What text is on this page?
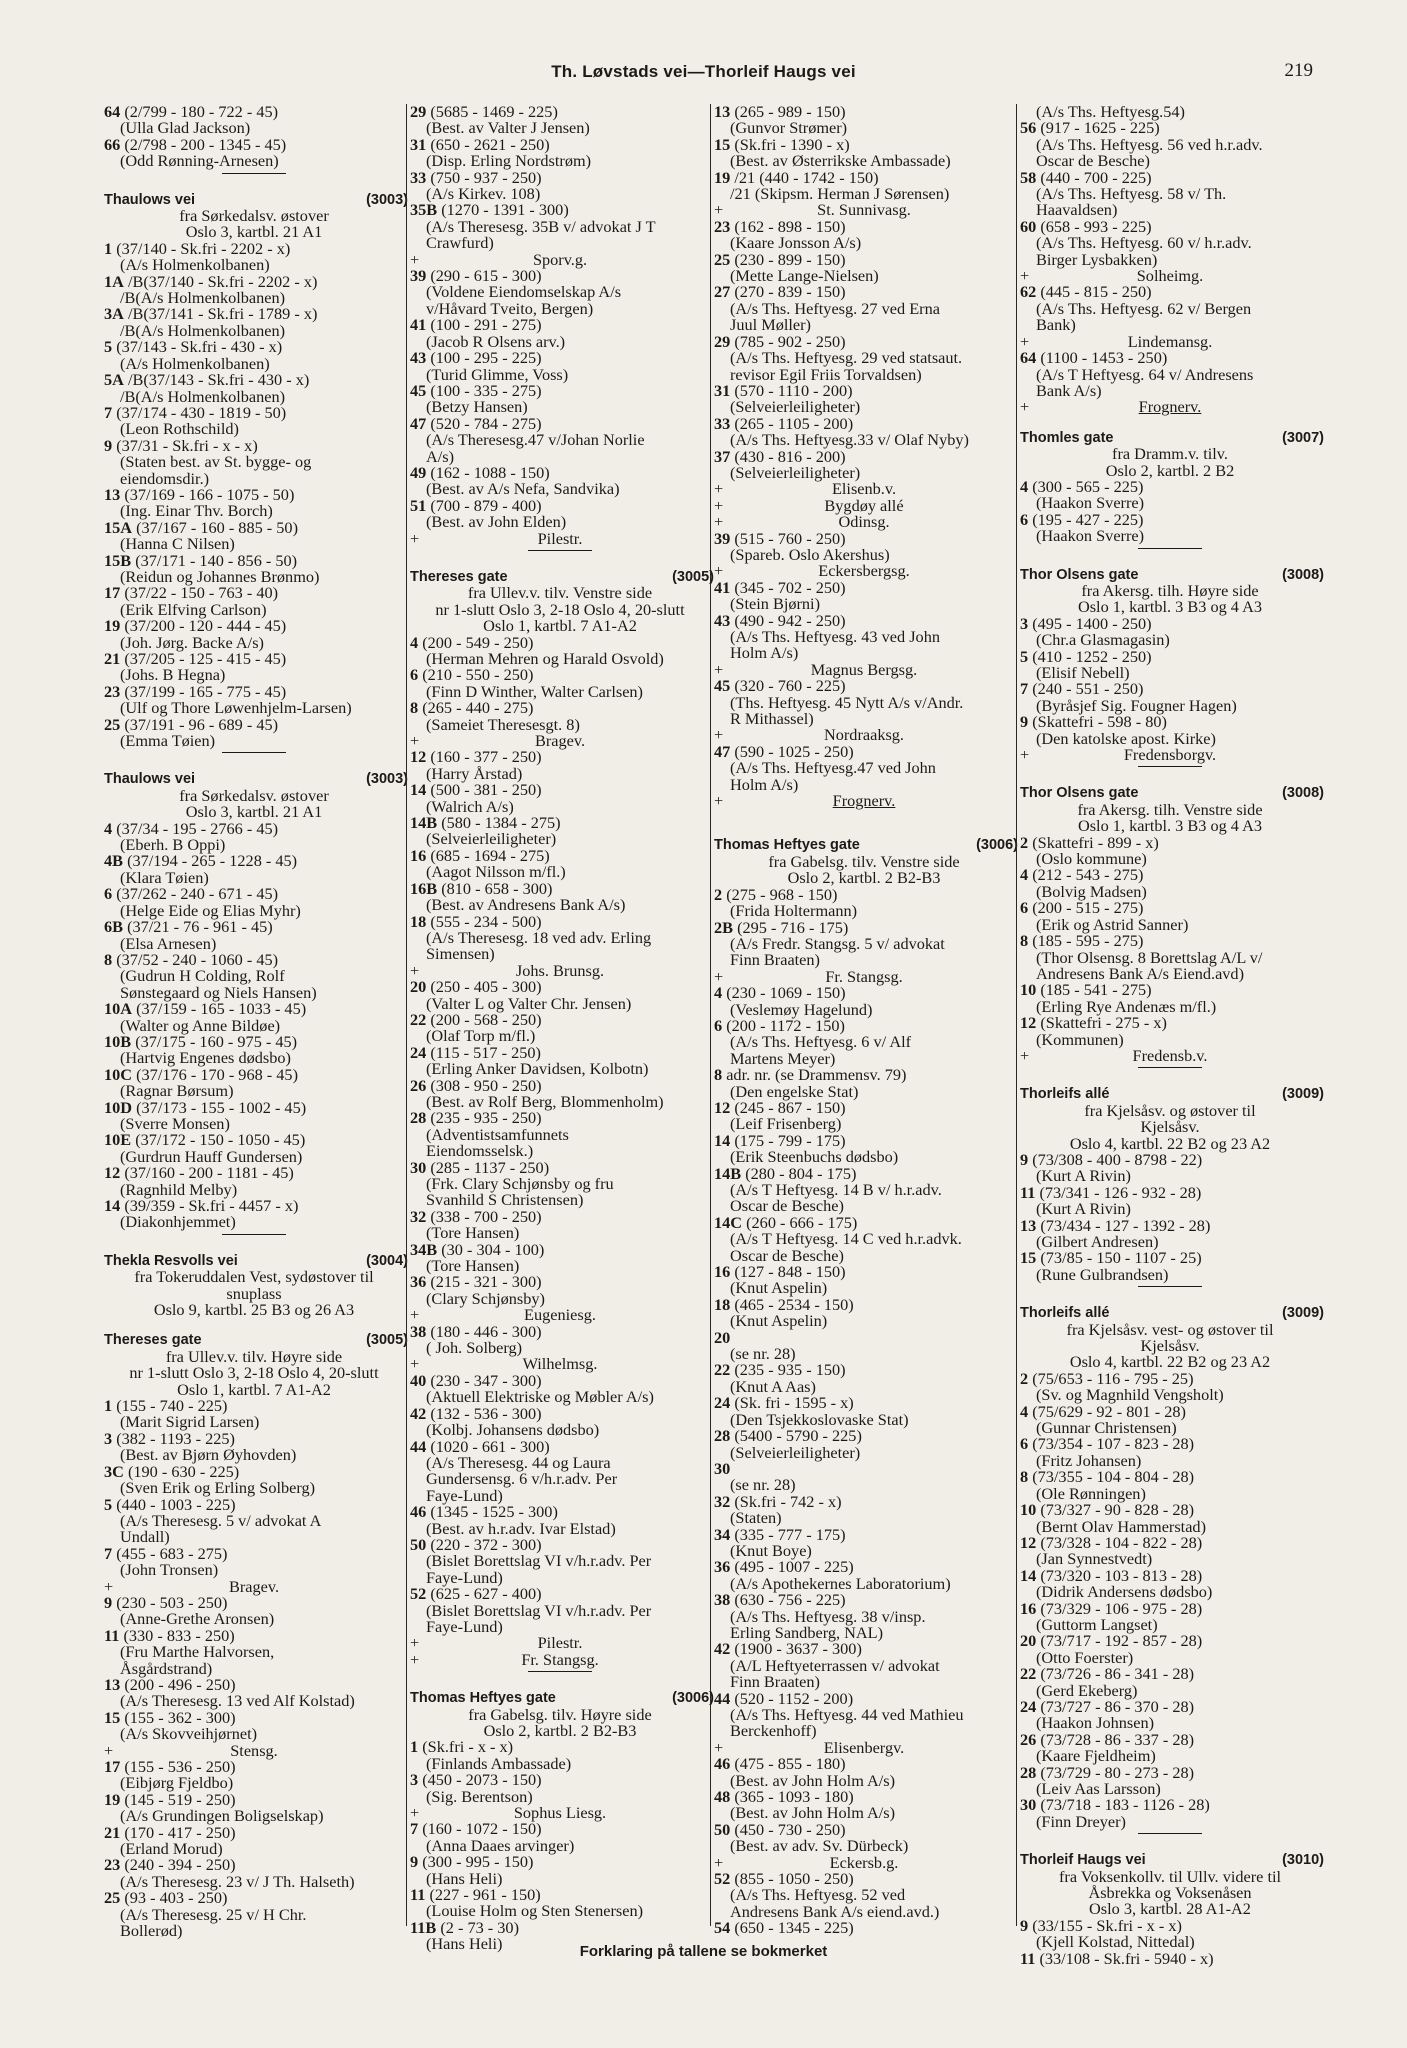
Th. Løvstads vei—Thorleif Haugs vei	219
64 (2/799 - 180 - 722 - 45)
(Ulla Glad Jackson)
66 (2/798 - 200 - 1345 - 45)
(Odd Rønning-Arnesen)
Thaulows vei	(3003)
fra Sørkedalsv. østover
Oslo 3, kartbl. 21 A1
1 (37/140 - Sk.fri - 2202 - x)
(A/s Holmenkolbanen)
1A /B(37/140 - Sk.fri - 2202 - x)
/B(A/s Holmenkolbanen)
3A /B(37/141 - Sk.fri - 1789 - x)
/B(A/s Holmenkolbanen)
5 (37/143 - Sk.fri - 430 - x)
(A/s Holmenkolbanen)
5A /B(37/143 - Sk.fri - 430 - x)
/B(A/s Holmenkolbanen)
7 (37/174 - 430 - 1819 - 50)
(Leon Rothschild)
9 (37/31 - Sk.fri - x - x)
(Staten best. av St. bygge- og
eiendomsdir.)
13 (37/169 - 166 - 1075 - 50)
(Ing. Einar Thv. Borch)
15A (37/167 - 160 - 885 - 50)
(Hanna C Nilsen)
15B (37/171 - 140 - 856 - 50)
(Reidun og Johannes Brønmo)
17 (37/22 - 150 - 763 - 40)
(Erik Elfving Carlson)
19 (37/200 - 120 - 444 - 45)
(Joh. Jørg. Backe A/s)
21 (37/205 - 125 - 415 - 45)
(Johs. B Hegna)
23 (37/199 - 165 - 775 - 45)
(Ulf og Thore Løwenhjelm-Larsen)
25 (37/191 - 96 - 689 - 45)
(Emma Tøien)
Thaulows vei	(3003)
fra Sørkedalsv. østover
Oslo 3, kartbl. 21 A1
4 (37/34 - 195 - 2766 - 45)
(Eberh. B Oppi)
4B (37/194 - 265 - 1228 - 45)
(Klara Tøien)
6 (37/262 - 240 - 671 - 45)
(Helge Eide og Elias Myhr)
6B (37/21 - 76 - 961 - 45)
(Elsa Arnesen)
8 (37/52 - 240 - 1060 - 45)
(Gudrun H Colding, Rolf
Sønstegaard og Niels Hansen)
10A (37/159 - 165 - 1033 - 45)
(Walter og Anne Bildøe)
10B (37/175 - 160 - 975 - 45)
(Hartvig Engenes dødsbo)
10C (37/176 - 170 - 968 - 45)
(Ragnar Børsum)
10D (37/173 - 155 - 1002 - 45)
(Sverre Monsen)
10E (37/172 - 150 - 1050 - 45)
(Gurdrun Hauff Gundersen)
12 (37/160 - 200 - 1181 - 45)
(Ragnhild Melby)
14 (39/359 - Sk.fri - 4457 - x)
(Diakonhjemmet)
Thekla Resvolls vei	(3004)
fra Tokeruddalen Vest, sydøstover til
snuplass
Oslo 9, kartbl. 25 B3 og 26 A3
Thereses gate	(3005)
fra Ullev.v. tilv. Høyre side
nr 1-slutt Oslo 3, 2-18 Oslo 4, 20-slutt
Oslo 1, kartbl. 7 A1-A2
1 (155 - 740 - 225)
(Marit Sigrid Larsen)
3 (382 - 1193 - 225)
(Best. av Bjørn Øyhovden)
3C (190 - 630 - 225)
(Sven Erik og Erling Solberg)
5 (440 - 1003 - 225)
(A/s Theresesg. 5 v/ advokat A
Undall)
7 (455 - 683 - 275)
(John Tronsen)
+	Bragev.
9 (230 - 503 - 250)
(Anne-Grethe Aronsen)
11 (330 - 833 - 250)
(Fru Marthe Halvorsen,
Åsgårdstrand)
13 (200 - 496 - 250)
(A/s Theresesg. 13 ved Alf Kolstad)
15 (155 - 362 - 300)
(A/s Skovveihjørnet)
+	Stensg.
17 (155 - 536 - 250)
(Eibjørg Fjeldbo)
19 (145 - 519 - 250)
(A/s Grundingen Boligselskap)
21 (170 - 417 - 250)
(Erland Morud)
23 (240 - 394 - 250)
(A/s Theresesg. 23 v/ J Th. Halseth)
25 (93 - 403 - 250)
(A/s Theresesg. 25 v/ H Chr.
Bollerød)
29 (5685 - 1469 - 225)
(Best. av Valter J Jensen)
31 (650 - 2621 - 250)
(Disp. Erling Nordstrøm)
33 (750 - 937 - 250)
(A/s Kirkev. 108)
35B (1270 - 1391 - 300)
(A/s Theresesg. 35B v/ advokat J T
Crawfurd)
+	Sporv.g.
39 (290 - 615 - 300)
(Voldene Eiendomselskap A/s
v/Håvard Tveito, Bergen)
41 (100 - 291 - 275)
(Jacob R Olsens arv.)
43 (100 - 295 - 225)
(Turid Glimme, Voss)
45 (100 - 335 - 275)
(Betzy Hansen)
47 (520 - 784 - 275)
(A/s Theresesg.47 v/Johan Norlie
A/s)
49 (162 - 1088 - 150)
(Best. av A/s Nefa, Sandvika)
51 (700 - 879 - 400)
(Best. av John Elden)
+	Pilestr.
Thereses gate	(3005)
fra Ullev.v. tilv. Venstre side
nr 1-slutt Oslo 3, 2-18 Oslo 4, 20-slutt
Oslo 1, kartbl. 7 A1-A2
4 (200 - 549 - 250)
(Herman Mehren og Harald Osvold)
6 (210 - 550 - 250)
(Finn D Winther, Walter Carlsen)
8 (265 - 440 - 275)
(Sameiet Theresesgt. 8)
+	Bragev.
12 (160 - 377 - 250)
(Harry Årstad)
14 (500 - 381 - 250)
(Walrich A/s)
14B (580 - 1384 - 275)
(Selveierleiligheter)
16 (685 - 1694 - 275)
(Aagot Nilsson m/fl.)
16B (810 - 658 - 300)
(Best. av Andresens Bank A/s)
18 (555 - 234 - 500)
(A/s Theresesg. 18 ved adv. Erling
Simensen)
+	Johs. Brunsg.
20 (250 - 405 - 300)
(Valter L og Valter Chr. Jensen)
22 (200 - 568 - 250)
(Olaf Torp m/fl.)
24 (115 - 517 - 250)
(Erling Anker Davidsen, Kolbotn)
26 (308 - 950 - 250)
(Best. av Rolf Berg, Blommenholm)
28 (235 - 935 - 250)
(Adventistsamfunnets
Eiendomsselsk.)
30 (285 - 1137 - 250)
(Frk. Clary Schjønsby og fru
Svanhild S Christensen)
32 (338 - 700 - 250)
(Tore Hansen)
34B (30 - 304 - 100)
(Tore Hansen)
36 (215 - 321 - 300)
(Clary Schjønsby)
+	Eugeniesg.
38 (180 - 446 - 300)
( Joh. Solberg)
+	Wilhelmsg.
40 (230 - 347 - 300)
(Aktuell Elektriske og Møbler A/s)
42 (132 - 536 - 300)
(Kolbj. Johansens dødsbo)
44 (1020 - 661 - 300)
(A/s Theresesg. 44 og Laura
Gundersensg. 6 v/h.r.adv. Per
Faye-Lund)
46 (1345 - 1525 - 300)
(Best. av h.r.adv. Ivar Elstad)
50 (220 - 372 - 300)
(Bislet Borettslag VI v/h.r.adv. Per
Faye-Lund)
52 (625 - 627 - 400)
(Bislet Borettslag VI v/h.r.adv. Per
Faye-Lund)
+	Pilestr.
+	Fr. Stangsg.
Thomas Heftyes gate	(3006)
fra Gabelsg. tilv. Høyre side
Oslo 2, kartbl. 2 B2-B3
1 (Sk.fri - x - x)
(Finlands Ambassade)
3 (450 - 2073 - 150)
(Sig. Berentson)
+	Sophus Liesg.
7 (160 - 1072 - 150)
(Anna Daaes arvinger)
9 (300 - 995 - 150)
(Hans Heli)
11 (227 - 961 - 150)
(Louise Holm og Sten Stenersen)
11B (2 - 73 - 30)
(Hans Heli)
13 (265 - 989 - 150)
(Gunvor Strømer)
15 (Sk.fri - 1390 - x)
(Best. av Østerrikske Ambassade)
19 /21 (440 - 1742 - 150)
/21 (Skipsm. Herman J Sørensen)
+	St. Sunnivasg.
23 (162 - 898 - 150)
(Kaare Jonsson A/s)
25 (230 - 899 - 150)
(Mette Lange-Nielsen)
27 (270 - 839 - 150)
(A/s Ths. Heftyesg. 27 ved Erna
Juul Møller)
29 (785 - 902 - 250)
(A/s Ths. Heftyesg. 29 ved statsaut.
revisor Egil Friis Torvaldsen)
31 (570 - 1110 - 200)
(Selveierleiligheter)
33 (265 - 1105 - 200)
(A/s Ths. Heftyesg.33 v/ Olaf Nyby)
37 (430 - 816 - 200)
(Selveierleiligheter)
+	Elisenb.v.
+	Bygdøy allé
+	Odinsg.
39 (515 - 760 - 250)
(Spareb. Oslo Akershus)
+	Eckersbergsg.
41 (345 - 702 - 250)
(Stein Bjørni)
43 (490 - 942 - 250)
(A/s Ths. Heftyesg. 43 ved John
Holm A/s)
+	Magnus Bergsg.
45 (320 - 760 - 225)
(Ths. Heftyesg. 45 Nytt A/s v/Andr.
R Mithassel)
+	Nordraaksg.
47 (590 - 1025 - 250)
(A/s Ths. Heftyesg.47 ved John
Holm A/s)
+	Frognerv.
Thomas Heftyes gate	(3006)
fra Gabelsg. tilv. Venstre side
Oslo 2, kartbl. 2 B2-B3
2 (275 - 968 - 150)
(Frida Holtermann)
2B (295 - 716 - 175)
(A/s Fredr. Stangsg. 5 v/ advokat
Finn Braaten)
+	Fr. Stangsg.
4 (230 - 1069 - 150)
(Veslemøy Hagelund)
6 (200 - 1172 - 150)
(A/s Ths. Heftyesg. 6 v/ Alf
Martens Meyer)
8 adr. nr. (se Drammensv. 79)
(Den engelske Stat)
12 (245 - 867 - 150)
(Leif Frisenberg)
14 (175 - 799 - 175)
(Erik Steenbuchs dødsbo)
14B (280 - 804 - 175)
(A/s T Heftyesg. 14 B v/ h.r.adv.
Oscar de Besche)
14C (260 - 666 - 175)
(A/s T Heftyesg. 14 C ved h.r.advk.
Oscar de Besche)
16 (127 - 848 - 150)
(Knut Aspelin)
18 (465 - 2534 - 150)
(Knut Aspelin)
20
(se nr. 28)
22 (235 - 935 - 150)
(Knut A Aas)
24 (Sk. fri - 1595 - x)
(Den Tsjekkoslovaske Stat)
28 (5400 - 5790 - 225)
(Selveierleiligheter)
30
(se nr. 28)
32 (Sk.fri - 742 - x)
(Staten)
34 (335 - 777 - 175)
(Knut Boye)
36 (495 - 1007 - 225)
(A/s Apothekernes Laboratorium)
38 (630 - 756 - 225)
(A/s Ths. Heftyesg. 38 v/insp.
Erling Sandberg, NAL)
42 (1900 - 3637 - 300)
(A/L Heftyeterrassen v/ advokat
Finn Braaten)
44 (520 - 1152 - 200)
(A/s Ths. Heftyesg. 44 ved Mathieu
Berckenhoff)
+	Elisenbergv.
46 (475 - 855 - 180)
(Best. av John Holm A/s)
48 (365 - 1093 - 180)
(Best. av John Holm A/s)
50 (450 - 730 - 250)
(Best. av adv. Sv. Dürbeck)
+	Eckersb.g.
52 (855 - 1050 - 250)
(A/s Ths. Heftyesg. 52 ved
Andresens Bank A/s eiend.avd.)
54 (650 - 1345 - 225)
(A/s Ths. Heftyesg.54)
56 (917 - 1625 - 225)
(A/s Ths. Heftyesg. 56 ved h.r.adv.
Oscar de Besche)
58 (440 - 700 - 225)
(A/s Ths. Heftyesg. 58 v/ Th.
Haavaldsen)
60 (658 - 993 - 225)
(A/s Ths. Heftyesg. 60 v/ h.r.adv.
Birger Lysbakken)
+	Solheimg.
62 (445 - 815 - 250)
(A/s Ths. Heftyesg. 62 v/ Bergen
Bank)
+	Lindemansg.
64 (1100 - 1453 - 250)
(A/s T Heftyesg. 64 v/ Andresens
Bank A/s)
+	Frognerv.
Thomles gate	(3007)
fra Dramm.v. tilv.
Oslo 2, kartbl. 2 B2
4 (300 - 565 - 225)
(Haakon Sverre)
6 (195 - 427 - 225)
(Haakon Sverre)
Thor Olsens gate	(3008)
fra Akersg. tilh. Høyre side
Oslo 1, kartbl. 3 B3 og 4 A3
3 (495 - 1400 - 250)
(Chr.a Glasmagasin)
5 (410 - 1252 - 250)
(Elisif Nebell)
7 (240 - 551 - 250)
(Byråsjef Sig. Fougner Hagen)
9 (Skattefri - 598 - 80)
(Den katolske apost. Kirke)
+	Fredensborgv.
Thor Olsens gate	(3008)
fra Akersg. tilh. Venstre side
Oslo 1, kartbl. 3 B3 og 4 A3
2 (Skattefri - 899 - x)
(Oslo kommune)
4 (212 - 543 - 275)
(Bolvig Madsen)
6 (200 - 515 - 275)
(Erik og Astrid Sanner)
8 (185 - 595 - 275)
(Thor Olsensg. 8 Borettslag A/L v/
Andresens Bank A/s Eiend.avd)
10 (185 - 541 - 275)
(Erling Rye Andenæs m/fl.)
12 (Skattefri - 275 - x)
(Kommunen)
+	Fredensb.v.
Thorleifs allé	(3009)
fra Kjelsåsv. og østover til
Kjelsåsv.
Oslo 4, kartbl. 22 B2 og 23 A2
9 (73/308 - 400 - 8798 - 22)
(Kurt A Rivin)
11 (73/341 - 126 - 932 - 28)
(Kurt A Rivin)
13 (73/434 - 127 - 1392 - 28)
(Gilbert Andresen)
15 (73/85 - 150 - 1107 - 25)
(Rune Gulbrandsen)
Thorleifs allé	(3009)
fra Kjelsåsv. vest- og østover til
Kjelsåsv.
Oslo 4, kartbl. 22 B2 og 23 A2
2 (75/653 - 116 - 795 - 25)
(Sv. og Magnhild Vengsholt)
4 (75/629 - 92 - 801 - 28)
(Gunnar Christensen)
6 (73/354 - 107 - 823 - 28)
(Fritz Johansen)
8 (73/355 - 104 - 804 - 28)
(Ole Rønningen)
10 (73/327 - 90 - 828 - 28)
(Bernt Olav Hammerstad)
12 (73/328 - 104 - 822 - 28)
(Jan Synnestvedt)
14 (73/320 - 103 - 813 - 28)
(Didrik Andersens dødsbo)
16 (73/329 - 106 - 975 - 28)
(Guttorm Langset)
20 (73/717 - 192 - 857 - 28)
(Otto Foerster)
22 (73/726 - 86 - 341 - 28)
(Gerd Ekeberg)
24 (73/727 - 86 - 370 - 28)
(Haakon Johnsen)
26 (73/728 - 86 - 337 - 28)
(Kaare Fjeldheim)
28 (73/729 - 80 - 273 - 28)
(Leiv Aas Larsson)
30 (73/718 - 183 - 1126 - 28)
(Finn Dreyer)
Thorleif Haugs vei	(3010)
fra Voksenkollv. til Ullv. videre til
Åsbrekka og Voksenåsen
Oslo 3, kartbl. 28 A1-A2
9 (33/155 - Sk.fri - x - x)
(Kjell Kolstad, Nittedal)
11 (33/108 - Sk.fri - 5940 - x)
Forklaring på tallene se bokmerket
